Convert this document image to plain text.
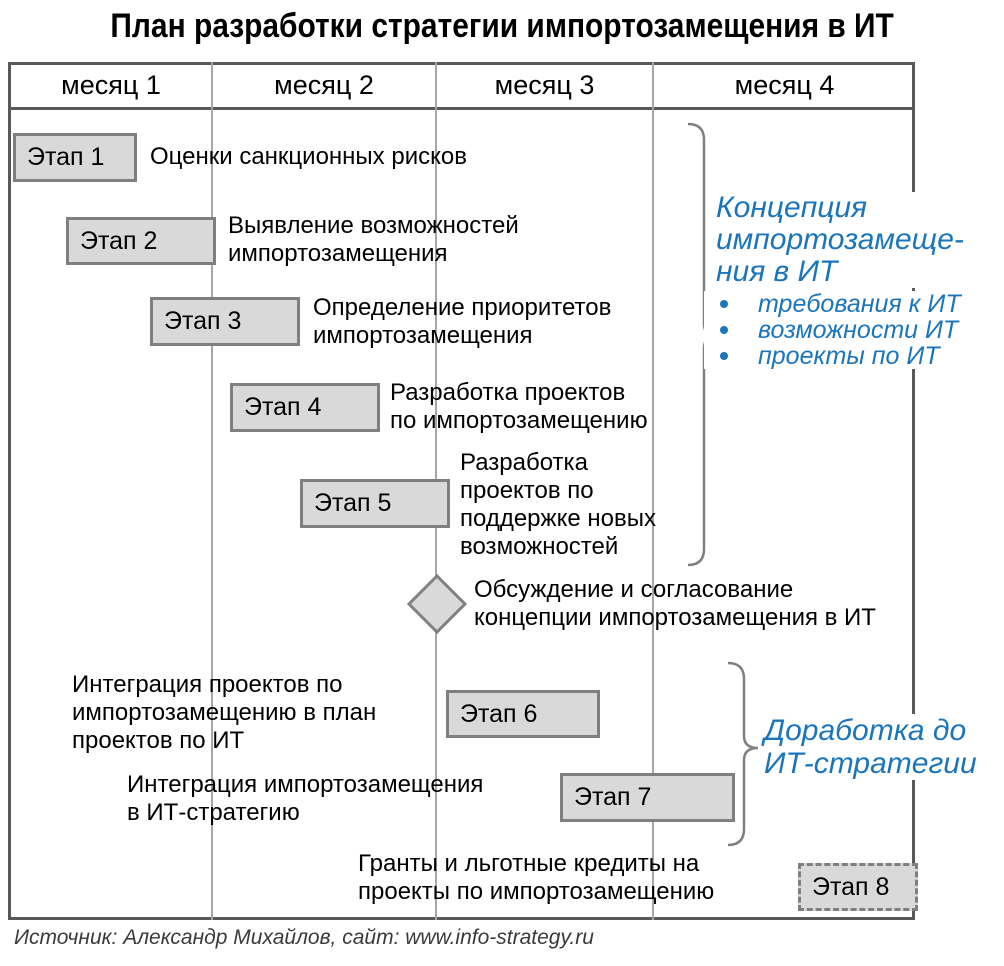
План разработки стратегии импортозамещения в ИТ
месяц 1	месяц 2	месяц 3	месяц 4
Этап 1
Этап 2
Этап 3
Этап 4
Этап 5
Этап 6
Этап 7
Этап 8
Оценки санкционных рисков
Выявление возможностей
импортозамещения
Определение приоритетов
импортозамещения
Разработка проектов
по импортозамещению
Разработка
проектов по
поддержке новых
возможностей
Интеграция проектов по
импортозамещению в план
проектов по ИТ
Интеграция импортозамещения
в ИТ-стратегию
Гранты и льготные кредиты на
проекты по импортозамещению
Обсуждение и согласование
концепции импортозамещения в ИТ
Концепция
импортозамеще-
ния в ИТ
требования к ИТ
возможности ИТ
проекты по ИТ
Доработка до
ИТ-стратегии
Источник: Александр Михайлов, сайт: www.info-strategy.ru
